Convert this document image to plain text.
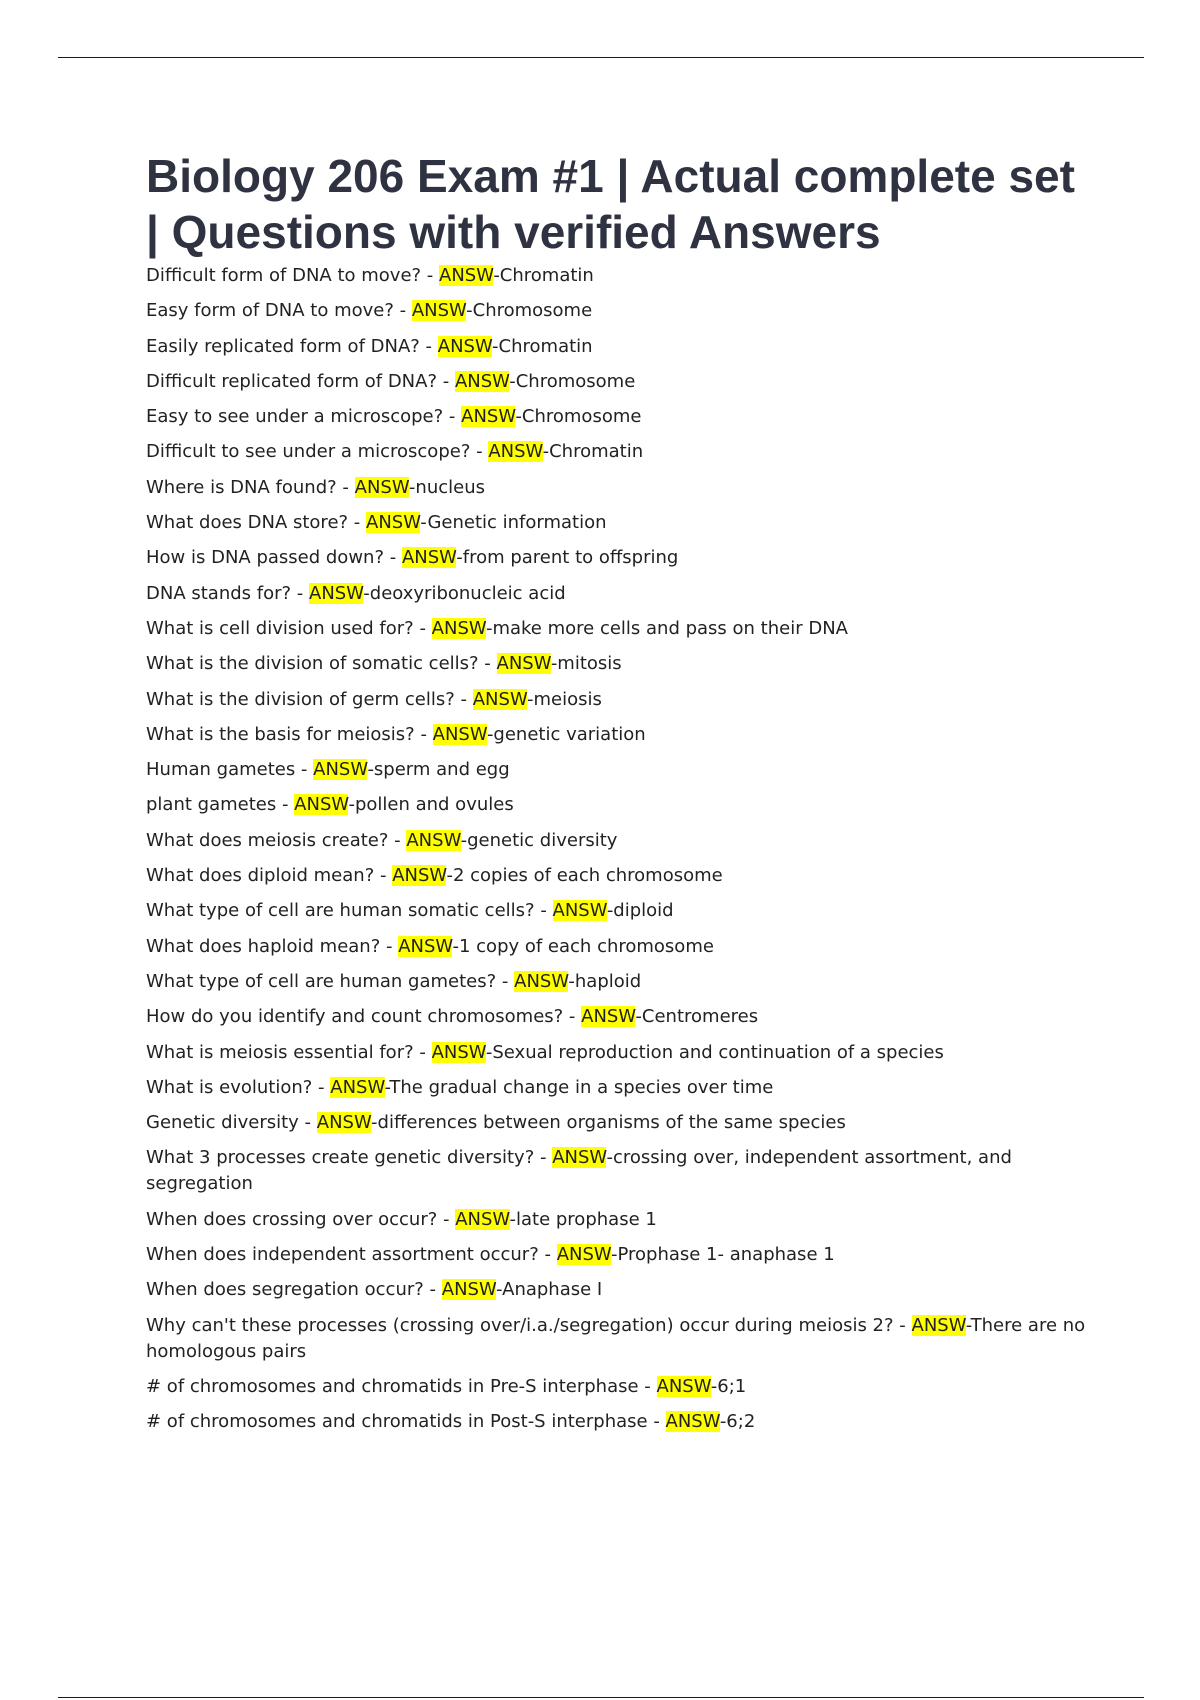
Biology 206 Exam #1 | Actual complete set | Questions with verified Answers
Difficult form of DNA to move? - ANSW-Chromatin
Easy form of DNA to move? - ANSW-Chromosome
Easily replicated form of DNA? - ANSW-Chromatin
Difficult replicated form of DNA? - ANSW-Chromosome
Easy to see under a microscope? - ANSW-Chromosome
Difficult to see under a microscope? - ANSW-Chromatin
Where is DNA found? - ANSW-nucleus
What does DNA store? - ANSW-Genetic information
How is DNA passed down? - ANSW-from parent to offspring
DNA stands for? - ANSW-deoxyribonucleic acid
What is cell division used for? - ANSW-make more cells and pass on their DNA
What is the division of somatic cells? - ANSW-mitosis
What is the division of germ cells? - ANSW-meiosis
What is the basis for meiosis? - ANSW-genetic variation
Human gametes - ANSW-sperm and egg
plant gametes - ANSW-pollen and ovules
What does meiosis create? - ANSW-genetic diversity
What does diploid mean? - ANSW-2 copies of each chromosome
What type of cell are human somatic cells? - ANSW-diploid
What does haploid mean? - ANSW-1 copy of each chromosome
What type of cell are human gametes? - ANSW-haploid
How do you identify and count chromosomes? - ANSW-Centromeres
What is meiosis essential for? - ANSW-Sexual reproduction and continuation of a species
What is evolution? - ANSW-The gradual change in a species over time
Genetic diversity - ANSW-differences between organisms of the same species
What 3 processes create genetic diversity? - ANSW-crossing over, independent assortment, and segregation
When does crossing over occur? - ANSW-late prophase 1
When does independent assortment occur? - ANSW-Prophase 1- anaphase 1
When does segregation occur? - ANSW-Anaphase I
Why can't these processes (crossing over/i.a./segregation) occur during meiosis 2? - ANSW-There are no homologous pairs
# of chromosomes and chromatids in Pre-S interphase - ANSW-6;1
# of chromosomes and chromatids in Post-S interphase - ANSW-6;2
